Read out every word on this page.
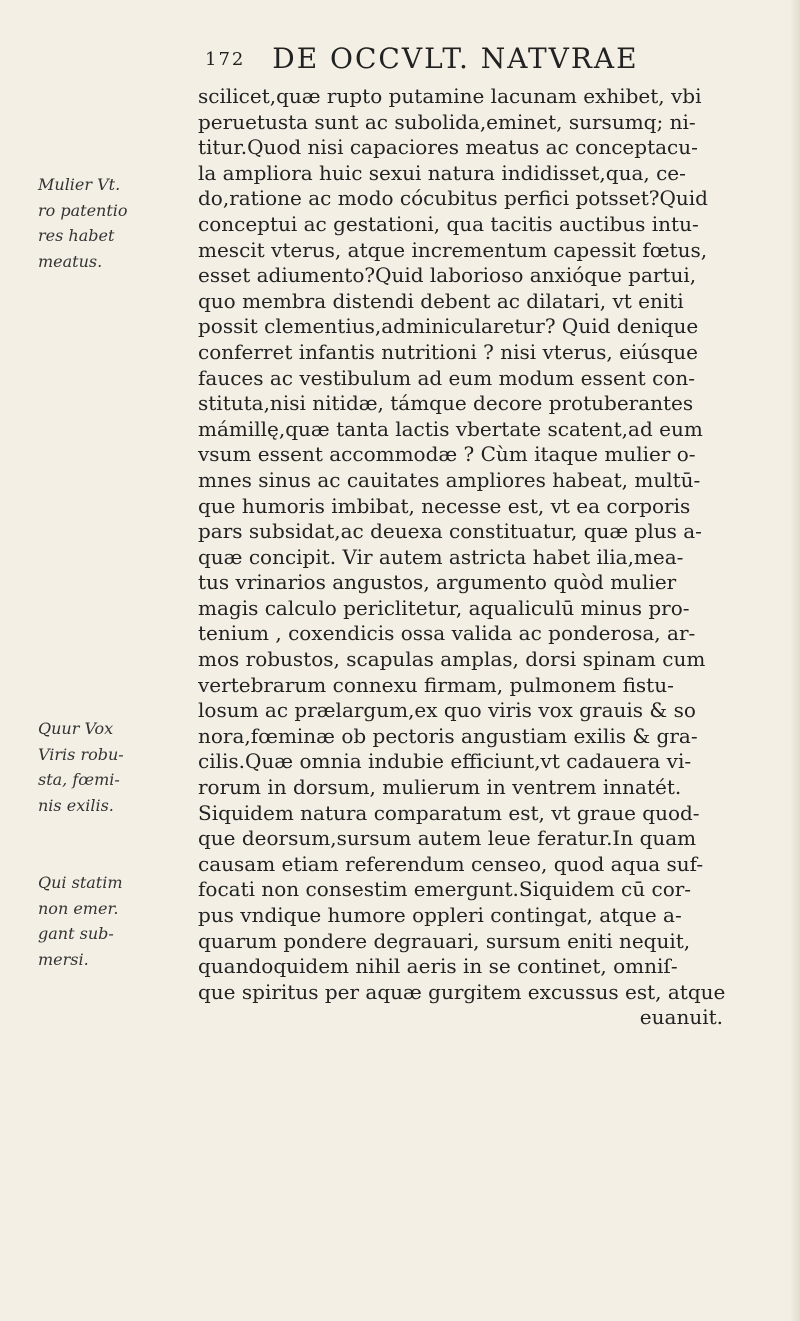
172 DE OCCVLT. NATVRAE
Mulier Vt.
ro patentio
res habet
meatus.
Quur Vox
Viris robu-
sta, fœmi-
nis exilis.
Qui statim
non emer.
gant sub-
mersi.
scilicet,quæ rupto putamine lacunam exhibet, vbi
peruetusta sunt ac subolida,eminet, sursumq; ni-
titur.Quod nisi capaciores meatus ac conceptacu-
la ampliora huic sexui natura indidisset,qua, ce-
do,ratione ac modo cócubitus perfici potsset?Quid
conceptui ac gestationi, qua tacitis auctibus intu-
mescit vterus, atque incrementum capessit fœtus,
esset adiumento?Quid laborioso anxióque partui,
quo membra distendi debent ac dilatari, vt eniti
possit clementius,adminicularetur? Quid denique
conferret infantis nutritioni ? nisi vterus, eiúsque
fauces ac vestibulum ad eum modum essent con-
stituta,nisi nitidæ, támque decore protuberantes
mámillę,quæ tanta lactis vbertate scatent,ad eum
vsum essent accommodæ ? Cùm itaque mulier o-
mnes sinus ac cauitates ampliores habeat, multū-
que humoris imbibat, necesse est, vt ea corporis
pars subsidat,ac deuexa constituatur, quæ plus a-
quæ concipit. Vir autem astricta habet ilia,mea-
tus vrinarios angustos, argumento quòd mulier
magis calculo periclitetur, aqualiculū minus pro-
tenium , coxendicis ossa valida ac ponderosa, ar-
mos robustos, scapulas amplas, dorsi spinam cum
vertebrarum connexu firmam, pulmonem fistu-
losum ac prælargum,ex quo viris vox grauis & so
nora,fœminæ ob pectoris angustiam exilis & gra-
cilis.Quæ omnia indubie efficiunt,vt cadauera vi-
rorum in dorsum, mulierum in ventrem innatét.
Siquidem natura comparatum est, vt graue quod-
que deorsum,sursum autem leue feratur.In quam
causam etiam referendum censeo, quod aqua suf-
focati non consestim emergunt.Siquidem cū cor-
pus vndique humore oppleri contingat, atque a-
quarum pondere degrauari, sursum eniti nequit,
quandoquidem nihil aeris in se continet, omniſ-
que spiritus per aquæ gurgitem excussus est, atque
euanuit.
